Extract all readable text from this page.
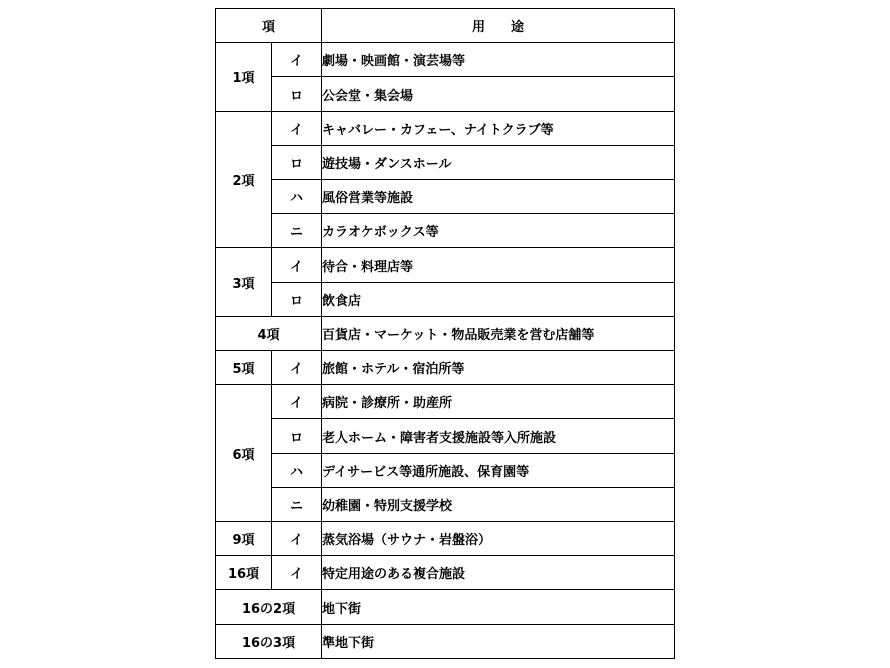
項		用 途
1項	イ	劇場・映画館・演芸場等
	ロ	公会堂・集会場
2項	イ	キャバレー・カフェー、ナイトクラブ等
	ロ	遊技場・ダンスホール
	ハ	風俗営業等施設
	ニ	カラオケボックス等
3項	イ	待合・料理店等
	ロ	飲食店
4項		百貨店・マーケット・物品販売業を営む店舗等
5項	イ	旅館・ホテル・宿泊所等
6項	イ	病院・診療所・助産所
	ロ	老人ホーム・障害者支援施設等入所施設
	ハ	デイサービス等通所施設、保育園等
	ニ	幼稚園・特別支援学校
9項	イ	蒸気浴場（サウナ・岩盤浴）
16項	イ	特定用途のある複合施設
16の2項		地下街
16の3項		準地下街
